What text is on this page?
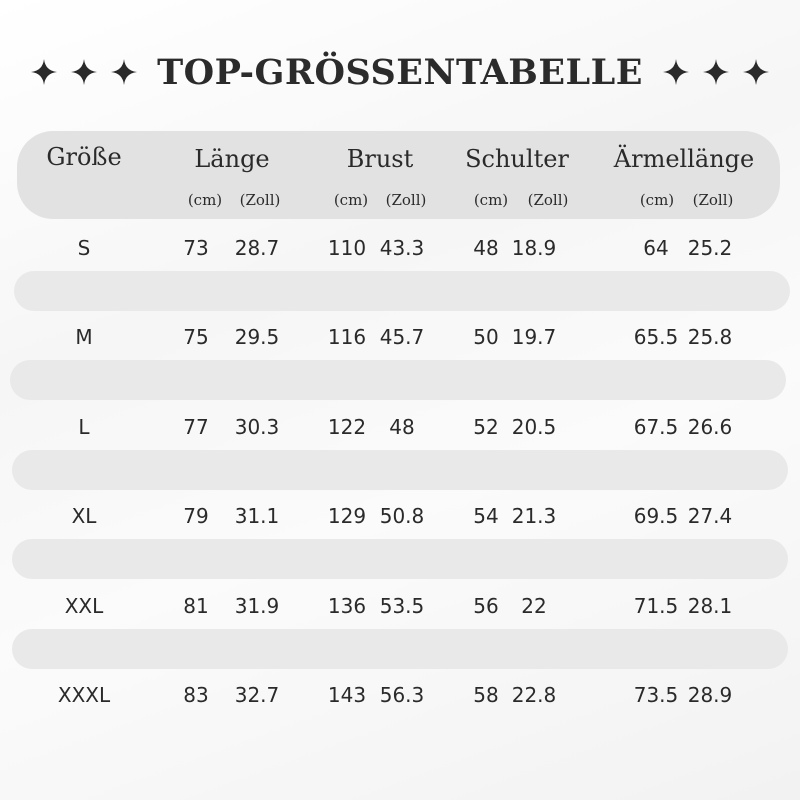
TOP-GRÖSSENTABELLE
Größe	Länge	Brust	Schulter	Ärmellänge
(cm)	(Zoll)	(cm)	(Zoll)	(cm)	(Zoll)	(cm)	(Zoll)
S	73	28.7	110 43.3	48 18.9	64 25.2
M	75	29.5	116 45.7	50 19.7	65.5 25.8
L	77	30.3	122	48	52 20.5	67.5 26.6
XL	79	31.1	129 50.8	54 21.3	69.5 27.4
XXL	81	31.9	136 53.5	56	22	71.5 28.1
XXXL	83	32.7	143 56.3	58 22.8	73.5 28.9
